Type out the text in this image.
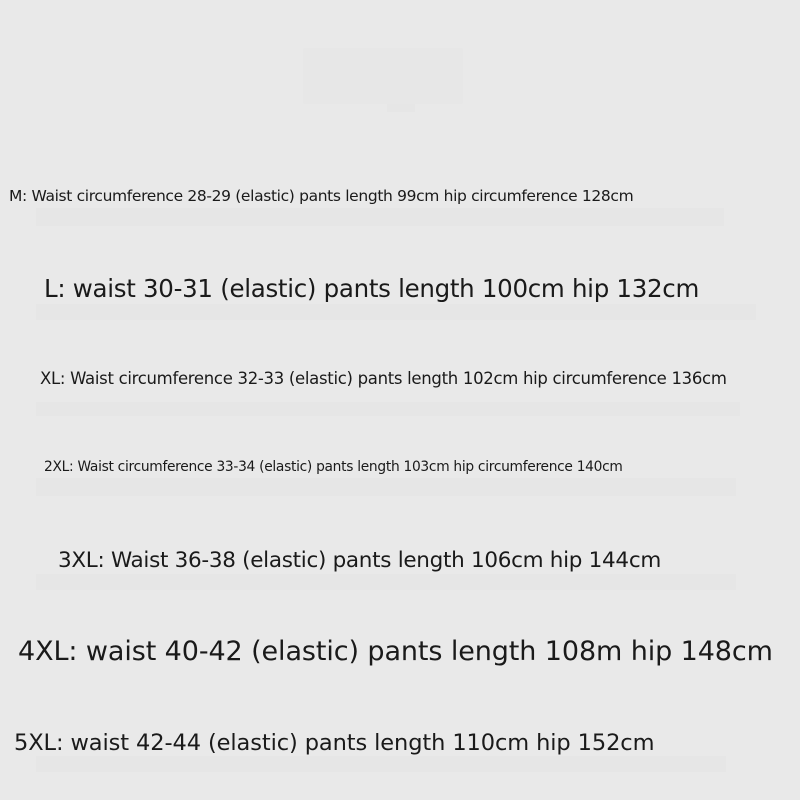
M: Waist circumference 28-29 (elastic) pants length 99cm hip circumference 128cm
L: waist 30-31 (elastic) pants length 100cm hip 132cm
XL: Waist circumference 32-33 (elastic) pants length 102cm hip circumference 136cm
2XL: Waist circumference 33-34 (elastic) pants length 103cm hip circumference 140cm
3XL: Waist 36-38 (elastic) pants length 106cm hip 144cm
4XL: waist 40-42 (elastic) pants length 108m hip 148cm
5XL: waist 42-44 (elastic) pants length 110cm hip 152cm
